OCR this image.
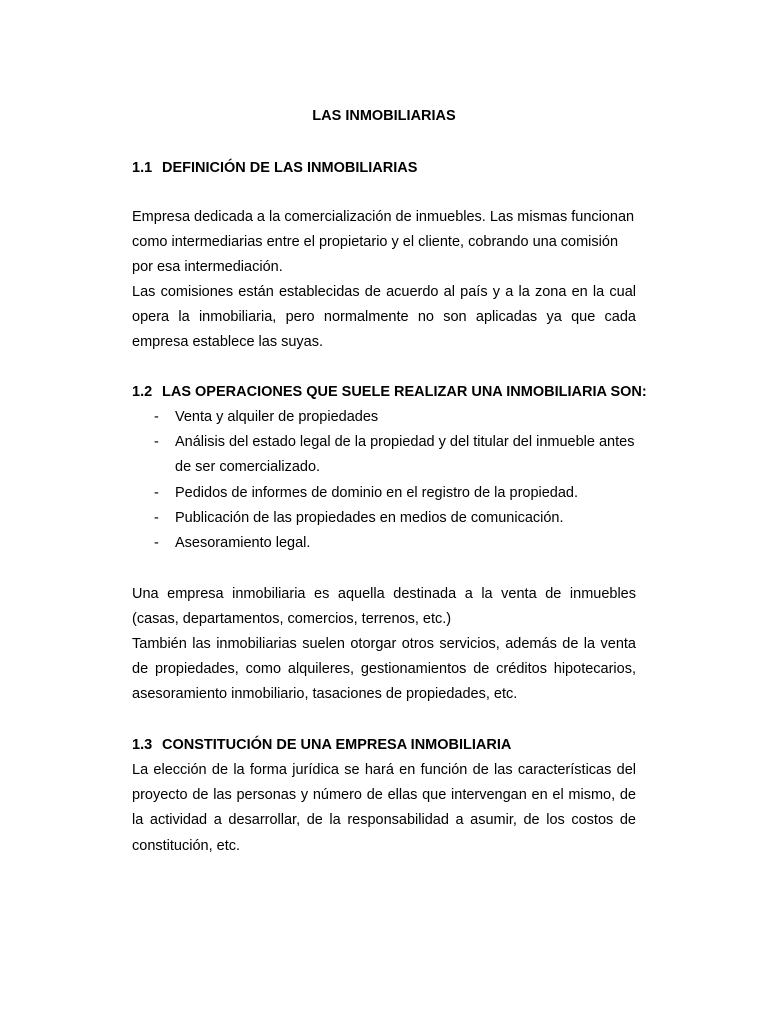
LAS INMOBILIARIAS
1.1 DEFINICIÓN DE LAS INMOBILIARIAS
Empresa dedicada a la comercialización de inmuebles. Las mismas funcionan como intermediarias entre el propietario y el cliente, cobrando una comisión por esa intermediación.
Las comisiones están establecidas de acuerdo al país y a la zona en la cual opera la inmobiliaria, pero normalmente no son aplicadas ya que cada empresa establece las suyas.
1.2 LAS OPERACIONES QUE SUELE REALIZAR UNA INMOBILIARIA SON:
- Venta y alquiler de propiedades
- Análisis del estado legal de la propiedad y del titular del inmueble antes de ser comercializado.
- Pedidos de informes de dominio en el registro de la propiedad.
- Publicación de las propiedades en medios de comunicación.
- Asesoramiento legal.
Una empresa inmobiliaria es aquella destinada a la venta de inmuebles (casas, departamentos, comercios, terrenos, etc.)
También las inmobiliarias suelen otorgar otros servicios, además de la venta de propiedades, como alquileres, gestionamientos de créditos hipotecarios, asesoramiento inmobiliario, tasaciones de propiedades, etc.
1.3 CONSTITUCIÓN DE UNA EMPRESA INMOBILIARIA
La elección de la forma jurídica se hará en función de las características del proyecto de las personas y número de ellas que intervengan en el mismo, de la actividad a desarrollar, de la responsabilidad a asumir, de los costos de constitución, etc.
